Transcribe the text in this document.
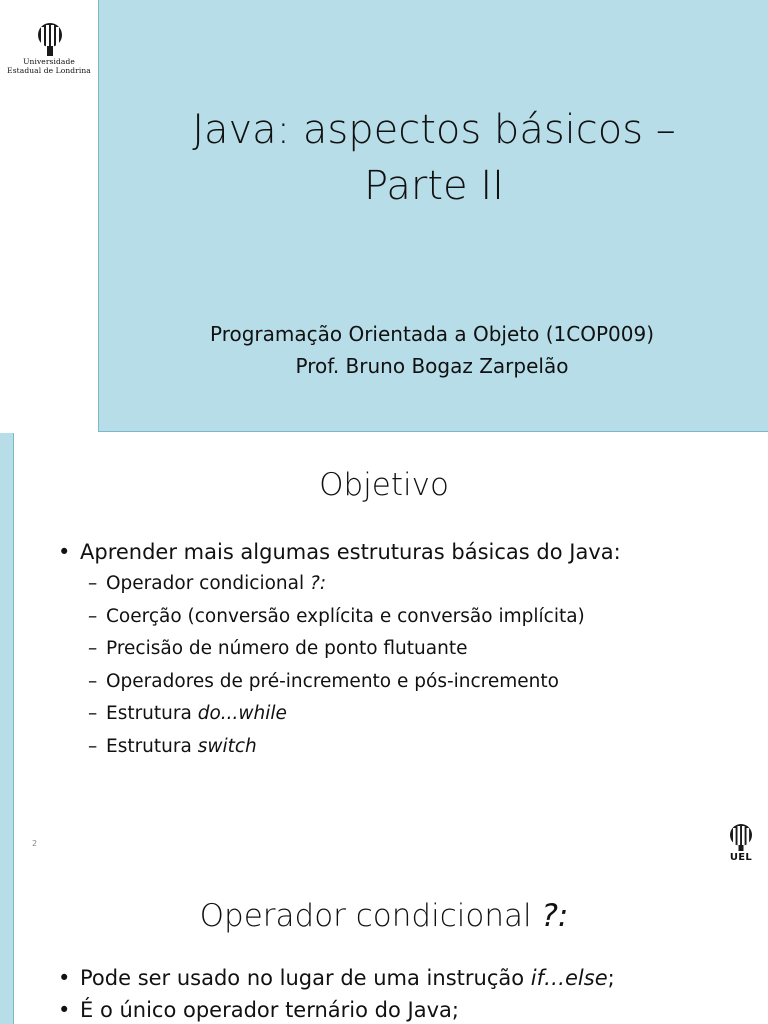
Universidade
Estadual de Londrina
Java: aspectos básicos –
Parte II
Programação Orientada a Objeto (1COP009)
Prof. Bruno Bogaz Zarpelão
Objetivo
• Aprender mais algumas estruturas básicas do Java:
– Operador condicional ?:
– Coerção (conversão explícita e conversão implícita)
– Precisão de número de ponto flutuante
– Operadores de pré-incremento e pós-incremento
– Estrutura do...while
– Estrutura switch
2
UEL
Operador condicional ?:
• Pode ser usado no lugar de uma instrução if…else;
• É o único operador ternário do Java;
